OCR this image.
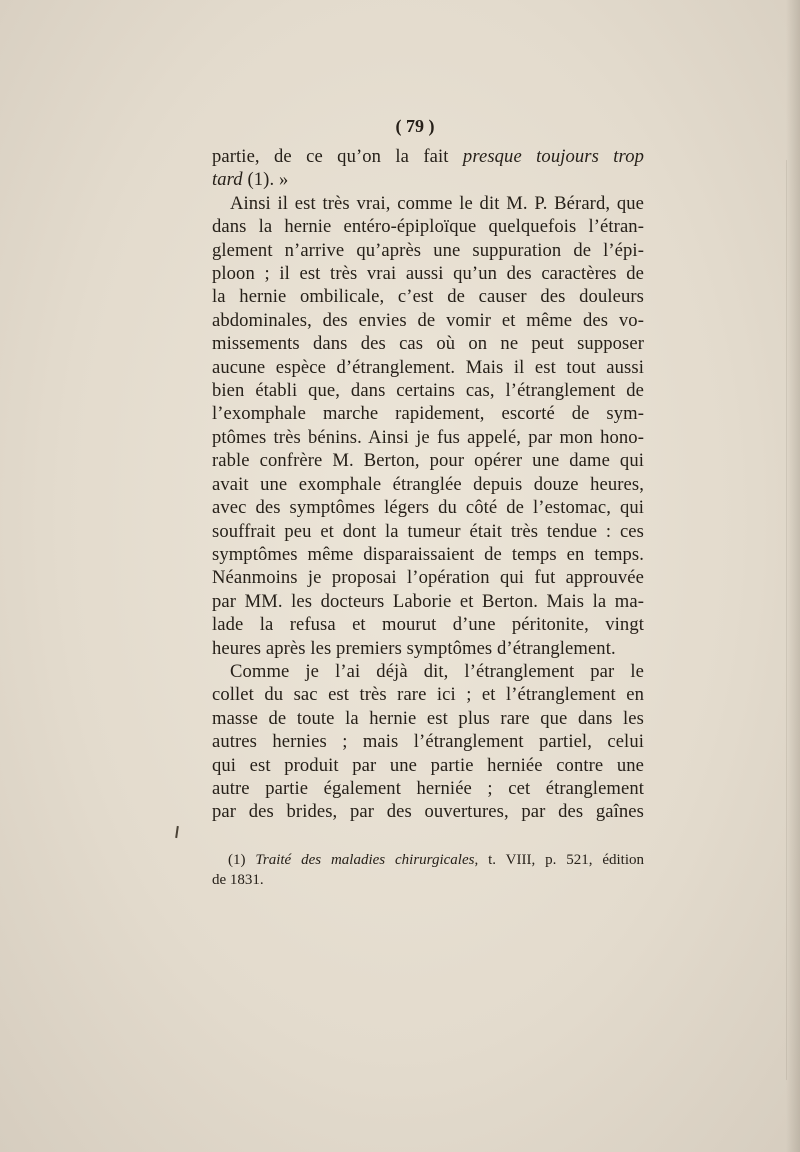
( 79 )
partie, de ce qu’on la fait presque toujours trop
tard (1). »
Ainsi il est très vrai, comme le dit M. P. Bérard, que
dans la hernie entéro-épiploïque quelquefois l’étran-
glement n’arrive qu’après une suppuration de l’épi-
ploon ; il est très vrai aussi qu’un des caractères de
la hernie ombilicale, c’est de causer des douleurs
abdominales, des envies de vomir et même des vo-
missements dans des cas où on ne peut supposer
aucune espèce d’étranglement. Mais il est tout aussi
bien établi que, dans certains cas, l’étranglement de
l’exomphale marche rapidement, escorté de sym-
ptômes très bénins. Ainsi je fus appelé, par mon hono-
rable confrère M. Berton, pour opérer une dame qui
avait une exomphale étranglée depuis douze heures,
avec des symptômes légers du côté de l’estomac, qui
souffrait peu et dont la tumeur était très tendue : ces
symptômes même disparaissaient de temps en temps.
Néanmoins je proposai l’opération qui fut approuvée
par MM. les docteurs Laborie et Berton. Mais la ma-
lade la refusa et mourut d’une péritonite, vingt
heures après les premiers symptômes d’étranglement.
Comme je l’ai déjà dit, l’étranglement par le
collet du sac est très rare ici ; et l’étranglement en
masse de toute la hernie est plus rare que dans les
autres hernies ; mais l’étranglement partiel, celui
qui est produit par une partie herniée contre une
autre partie également herniée ; cet étranglement
par des brides, par des ouvertures, par des gaînes
(1) Traité des maladies chirurgicales, t. VIII, p. 521, édition
de 1831.
